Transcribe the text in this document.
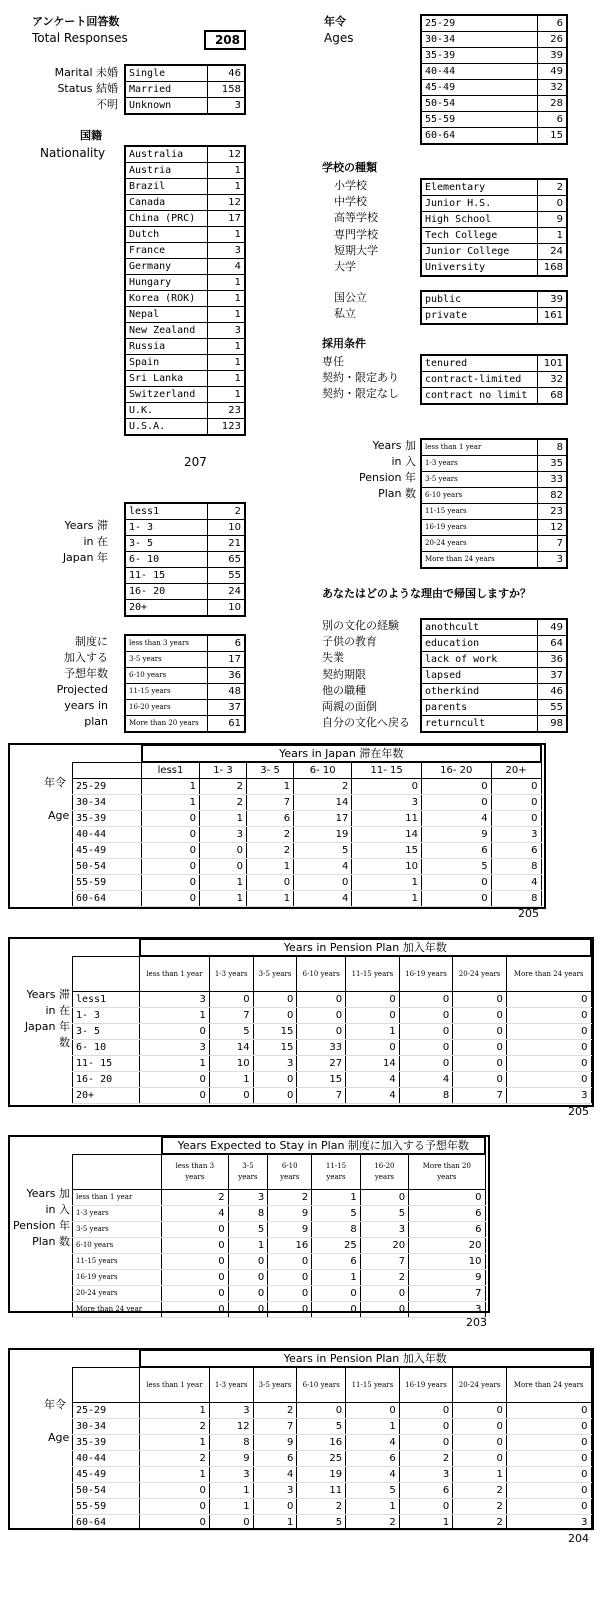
アンケート回答数
Total Responses	208
Marital 未婚
Status 結婚
不明
Single	46
Married	158
Unknown	3
国籍
Nationality Australia	12
Austria	1
Brazil	1
Canada	12
China (PRC)	17
Dutch	1
France	3
Germany	4
Hungary	1
Korea (ROK)	1
Nepal	1
New Zealand	3
Russia	1
Spain	1
Sri Lanka	1
Switzerland	1
U.K.	23
U.S.A.	123
207
年令
Ages
25-29	6
30-34	26
35-39	39
40-44	49
45-49	32
50-54	28
55-59	6
60-64	15
学校の種類
小学校
中学校
高等学校
専門学校
短期大学
大学
Elementary	2
Junior H.S.	0
High School	9
Tech College	1
Junior College	24
University	168
国公立
私立
public	39
private	161
採用条件
専任
契約・限定あり
契約・限定なし
tenured	101
contract-limited	32
contract no limit	68
Years 加
in 入
Pension 年
Plan 数
less than 1 year	8
1-3 years	35
3-5 years	33
6-10 years	82
11-15 years	23
16-19 years	12
20-24 years	7
More than 24 years	3
Years 滞
in 在
Japan 年
less1	2
1- 3	10
3- 5	21
6- 10	65
11- 15	55
16- 20	24
20+	10
制度に
加入する
予想年数
Projected
years in
plan
less than 3 years	6
3-5 years	17
6-10 years	36
11-15 years	48
16-20 years	37
More than 20 years	61
あなたはどのような理由で帰国しますか？
別の文化の経験
子供の教育
失業
契約期限
他の職種
両親の面倒
自分の文化へ戻る
anothcult	49
education	64
lack of work	36
lapsed	37
otherkind	46
parents	55
returncult	98
年令
Age
	Years in Japan 滞在年数						
	less1	1- 3	3- 5	6- 10	11- 15	16- 20	20+
25-29	1	2	1	2	0	0	0
30-34	1	2	7	14	3	0	0
35-39	0	1	6	17	11	4	0
40-44	0	3	2	19	14	9	3
45-49	0	0	2	5	15	6	6
50-54	0	0	1	4	10	5	8
55-59	0	1	0	0	1	0	4
60-64	0	1	1	4	1	0	8
205
Years 滞
in 在
Japan 年
数
	Years in Pension Plan 加入年数							
	less than 1 year	1-3 years	3-5 years	6-10 years	11-15 years	16-19 years	20-24 years	More than 24 years
less1	3	0	0	0	0	0	0	0
1- 3	1	7	0	0	0	0	0	0
3- 5	0	5	15	0	1	0	0	0
6- 10	3	14	15	33	0	0	0	0
11- 15	1	10	3	27	14	0	0	0
16- 20	0	1	0	15	4	4	0	0
20+	0	0	0	7	4	8	7	3
205
Years 加
in 入
Pension 年
Plan 数
	Years Expected to Stay in Plan 制度に加入する予想年数					
	less than 3 years	3-5 years	6-10 years	11-15 years	16-20 years	More than 20 years
less than 1 year	2	3	2	1	0	0
1-3 years	4	8	9	5	5	6
3-5 years	0	5	9	8	3	6
6-10 years	0	1	16	25	20	20
11-15 years	0	0	0	6	7	10
16-19 years	0	0	0	1	2	9
20-24 years	0	0	0	0	0	7
More than 24 year	0	0	0	0	0	3
203
年令
Age
	Years in Pension Plan 加入年数							
	less than 1 year	1-3 years	3-5 years	6-10 years	11-15 years	16-19 years	20-24 years	More than 24 years
25-29	1	3	2	0	0	0	0	0
30-34	2	12	7	5	1	0	0	0
35-39	1	8	9	16	4	0	0	0
40-44	2	9	6	25	6	2	0	0
45-49	1	3	4	19	4	3	1	0
50-54	0	1	3	11	5	6	2	0
55-59	0	1	0	2	1	0	2	0
60-64	0	0	1	5	2	1	2	3
204
